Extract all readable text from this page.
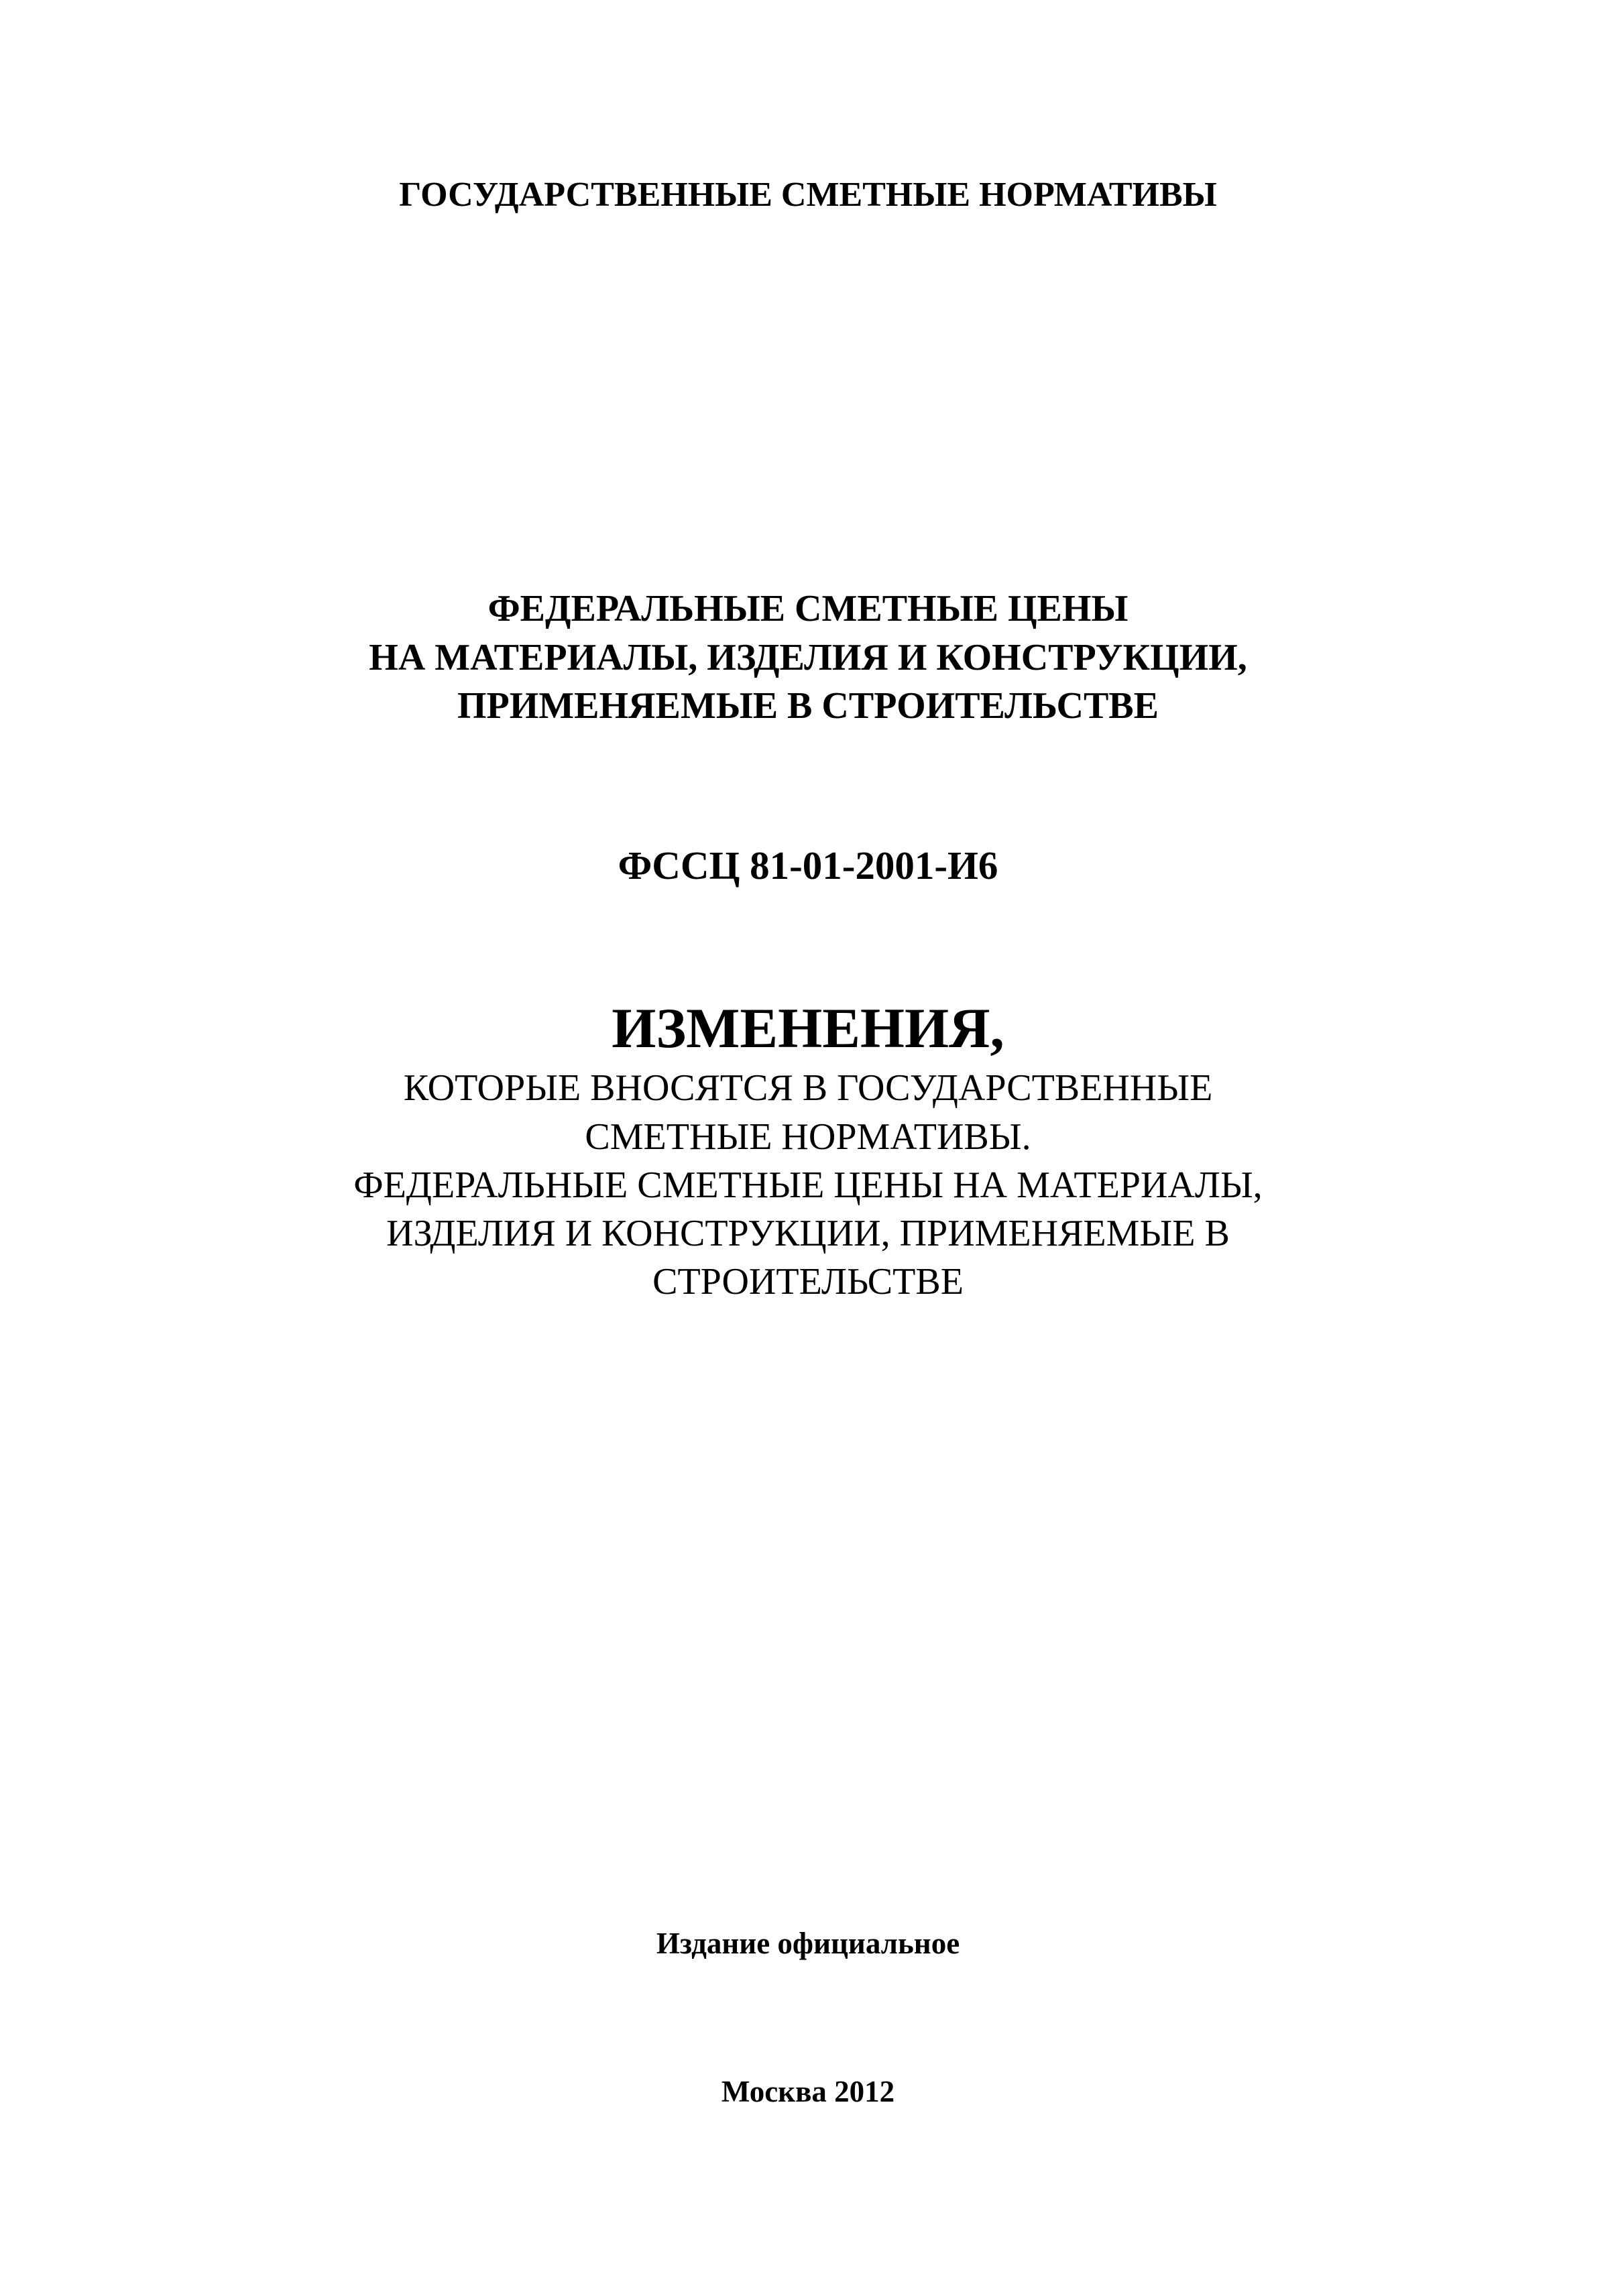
ГОСУДАРСТВЕННЫЕ СМЕТНЫЕ НОРМАТИВЫ
ФЕДЕРАЛЬНЫЕ СМЕТНЫЕ ЦЕНЫ
НА МАТЕРИАЛЫ, ИЗДЕЛИЯ И КОНСТРУКЦИИ,
ПРИМЕНЯЕМЫЕ В СТРОИТЕЛЬСТВЕ
ФССЦ 81-01-2001-И6
ИЗМЕНЕНИЯ,
КОТОРЫЕ ВНОСЯТСЯ В ГОСУДАРСТВЕННЫЕ
СМЕТНЫЕ НОРМАТИВЫ.
ФЕДЕРАЛЬНЫЕ СМЕТНЫЕ ЦЕНЫ НА МАТЕРИАЛЫ,
ИЗДЕЛИЯ И КОНСТРУКЦИИ, ПРИМЕНЯЕМЫЕ В
СТРОИТЕЛЬСТВЕ
Издание официальное
Москва 2012
